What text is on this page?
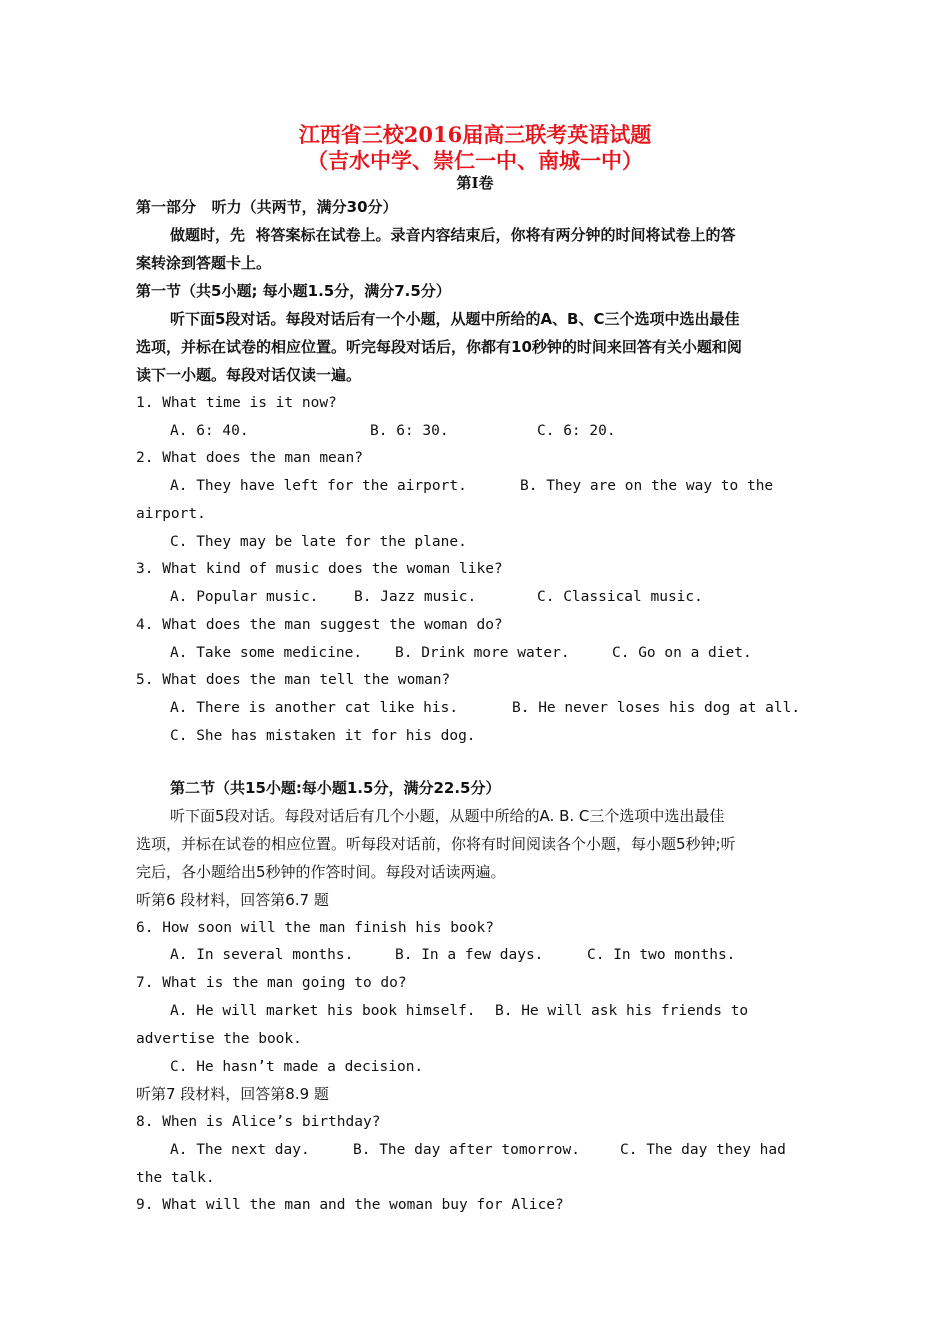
江西省三校2016届高三联考英语试题
（吉水中学、崇仁一中、南城一中）
第Ⅰ卷
第一部分   听力（共两节，满分30分）
做题时，先  将答案标在试卷上。录音内容结束后，你将有两分钟的时间将试卷上的答
案转涂到答题卡上。
第一节（共5小题; 每小题1.5分，满分7.5分）
听下面5段对话。每段对话后有一个小题，从题中所给的A、B、C三个选项中选出最佳
选项，并标在试卷的相应位置。听完每段对话后，你都有10秒钟的时间来回答有关小题和阅
读下一小题。每段对话仅读一遍。
1. What time is it now?
A. 6: 40.	B. 6: 30.	C. 6: 20.
2. What does the man mean?
A. They have left for the airport.	B. They are on the way to the
airport.
C. They may be late for the plane.
3. What kind of music does the woman like?
A. Popular music. B. Jazz music.	C. Classical music.
4. What does the man suggest the woman do?
A. Take some medicine. B. Drink more water.	C. Go on a diet.
5. What does the man tell the woman?
A. There is another cat like his.	B. He never loses his dog at all.
C. She has mistaken it for his dog.
第二节（共15小题:每小题1.5分，满分22.5分）
听下面5段对话。每段对话后有几个小题，从题中所给的A. B. C三个选项中选出最佳
选项，并标在试卷的相应位置。听每段对话前，你将有时间阅读各个小题，每小题5秒钟;听
完后，各小题给出5秒钟的作答时间。每段对话读两遍。
听第6 段材料，回答第6.7 题
6. How soon will the man finish his book?
A. In several months.	B. In a few days.	C. In two months.
7. What is the man going to do?
A. He will market his book himself. B. He will ask his friends to
advertise the book.
C. He hasn’t made a decision.
听第7 段材料，回答第8.9 题
8. When is Alice’s birthday?
A. The next day.	B. The day after tomorrow.	C. The day they had
the talk.
9. What will the man and the woman buy for Alice?
